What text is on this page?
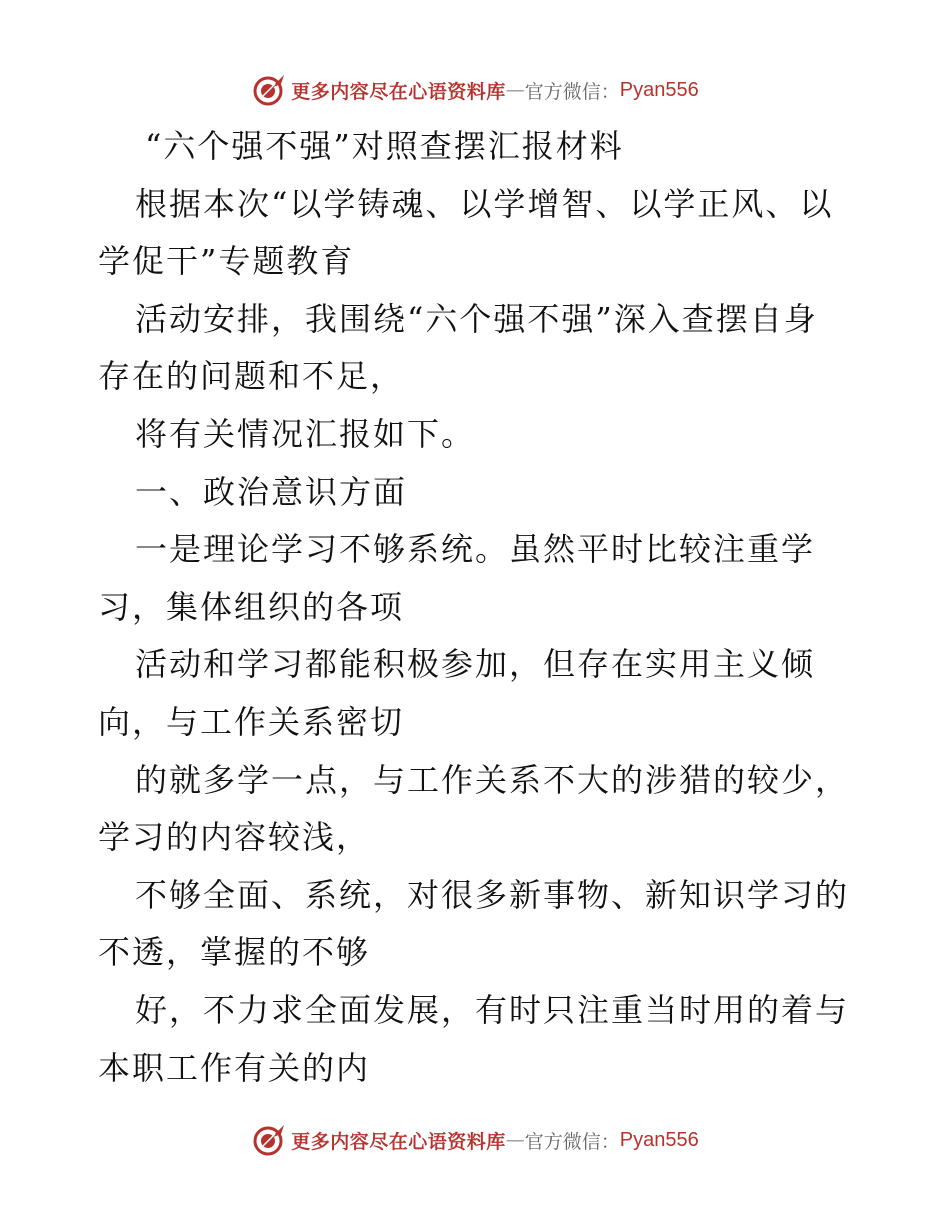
更多内容尽在心语资料库 — 官方微信： Pyan556

“六个强不强”对照查摆汇报材料

根据本次“以学铸魂、以学增智、以学正风、以

学促干”专题教育

活动安排，我围绕“六个强不强”深入查摆自身

存在的问题和不足，

将有关情况汇报如下。

一、政治意识方面

一是理论学习不够系统。虽然平时比较注重学

习，集体组织的各项

活动和学习都能积极参加，但存在实用主义倾

向，与工作关系密切

的就多学一点，与工作关系不大的涉猎的较少，

学习的内容较浅，

不够全面、系统，对很多新事物、新知识学习的

不透，掌握的不够

好，不力求全面发展，有时只注重当时用的着与

本职工作有关的内

更多内容尽在心语资料库 — 官方微信： Pyan556
